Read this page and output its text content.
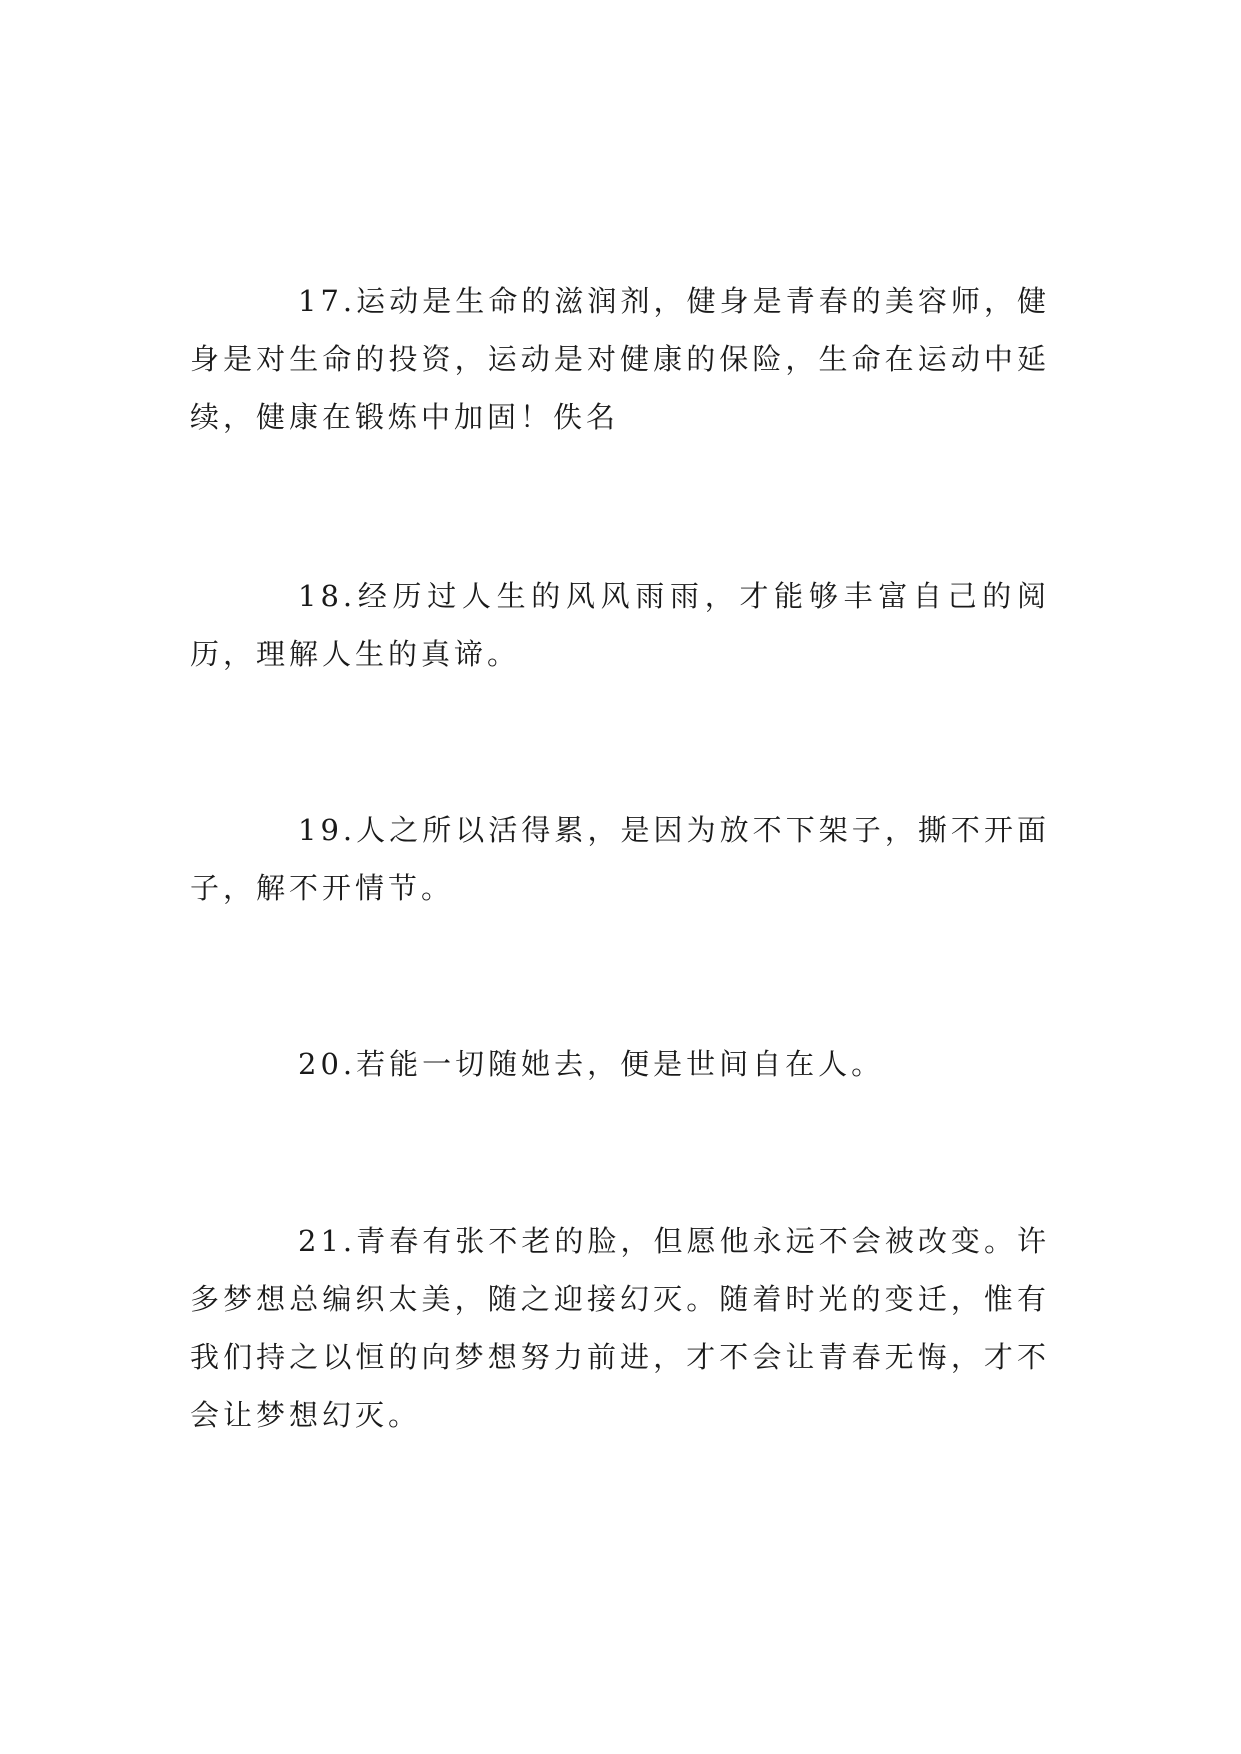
17.运动是生命的滋润剂，健身是青春的美容师，健身是对生命的投资，运动是对健康的保险，生命在运动中延续，健康在锻炼中加固！佚名

18.经历过人生的风风雨雨，才能够丰富自己的阅历，理解人生的真谛。

19.人之所以活得累，是因为放不下架子，撕不开面子，解不开情节。

20.若能一切随她去，便是世间自在人。

21.青春有张不老的脸，但愿他永远不会被改变。许多梦想总编织太美，随之迎接幻灭。随着时光的变迁，惟有我们持之以恒的向梦想努力前进，才不会让青春无悔，才不会让梦想幻灭。
